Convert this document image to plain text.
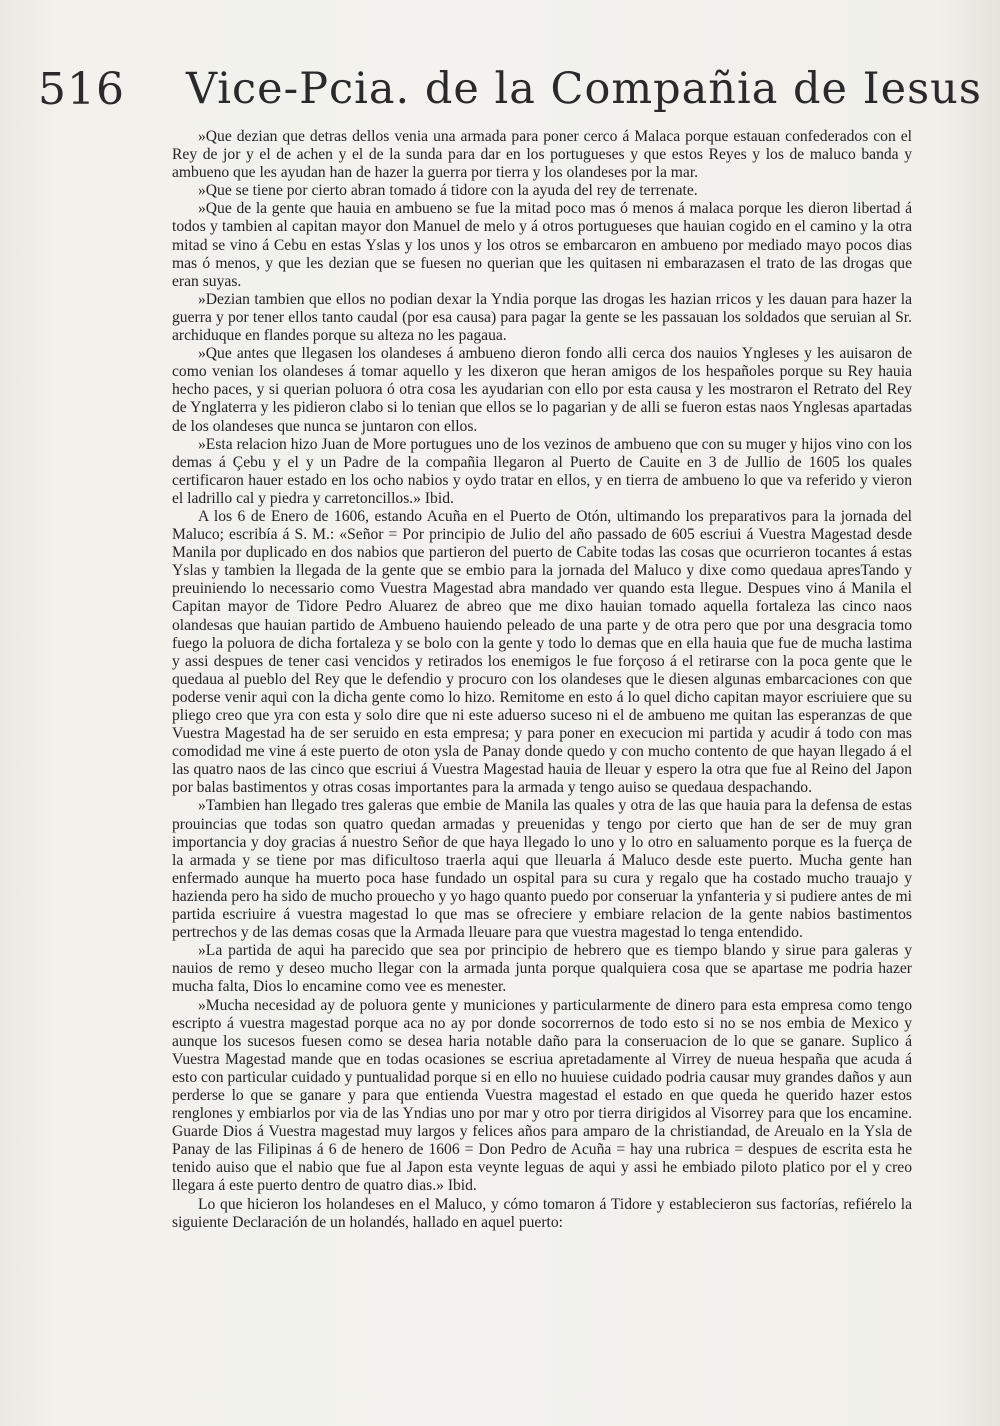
516 Vice-Pcia. de la Compañia de Iesus

»Que dezian que detras dellos venia una armada para poner cerco á Malaca porque estauan confederados con el Rey de jor y el de achen y el de la sunda para dar en los portugueses y que estos Reyes y los de maluco banda y ambueno que les ayudan han de hazer la guerra por tierra y los olandeses por la mar.

»Que se tiene por cierto abran tomado á tidore con la ayuda del rey de terrenate.

»Que de la gente que hauia en ambueno se fue la mitad poco mas ó menos á malaca porque les dieron libertad á todos y tambien al capitan mayor don Manuel de melo y á otros portugueses que hauian cogido en el camino y la otra mitad se vino á Cebu en estas Yslas y los unos y los otros se embarcaron en ambueno por mediado mayo pocos dias mas ó menos, y que les dezian que se fuesen no querian que les quitasen ni embarazasen el trato de las drogas que eran suyas.

»Dezian tambien que ellos no podian dexar la Yndia porque las drogas les hazian rricos y les dauan para hazer la guerra y por tener ellos tanto caudal (por esa causa) para pagar la gente se les passauan los soldados que seruian al Sr. archiduque en flandes porque su alteza no les pagaua.

»Que antes que llegasen los olandeses á ambueno dieron fondo alli cerca dos nauios Yngleses y les auisaron de como venian los olandeses á tomar aquello y les dixeron que heran amigos de los hespañoles porque su Rey hauia hecho paces, y si querian poluora ó otra cosa les ayudarian con ello por esta causa y les mostraron el Retrato del Rey de Ynglaterra y les pidieron clabo si lo tenian que ellos se lo pagarian y de alli se fueron estas naos Ynglesas apartadas de los olandeses que nunca se juntaron con ellos.

»Esta relacion hizo Juan de More portugues uno de los vezinos de ambueno que con su muger y hijos vino con los demas á Çebu y el y un Padre de la compañia llegaron al Puerto de Cauite en 3 de Jullio de 1605 los quales certificaron hauer estado en los ocho nabios y oydo tratar en ellos, y en tierra de ambueno lo que va referido y vieron el ladrillo cal y piedra y carretoncillos.» Ibid.

A los 6 de Enero de 1606, estando Acuña en el Puerto de Otón, ultimando los preparativos para la jornada del Maluco; escribía á S. M.: «Señor = Por principio de Julio del año passado de 605 escriui á Vuestra Magestad desde Manila por duplicado en dos nabios que partieron del puerto de Cabite todas las cosas que ocurrieron tocantes á estas Yslas y tambien la llegada de la gente que se embio para la jornada del Maluco y dixe como quedaua apresTando y preuiniendo lo necessario como Vuestra Magestad abra mandado ver quando esta llegue. Despues vino á Manila el Capitan mayor de Tidore Pedro Aluarez de abreo que me dixo hauian tomado aquella fortaleza las cinco naos olandesas que hauian partido de Ambueno hauiendo peleado de una parte y de otra pero que por una desgracia tomo fuego la poluora de dicha fortaleza y se bolo con la gente y todo lo demas que en ella hauia que fue de mucha lastima y assi despues de tener casi vencidos y retirados los enemigos le fue forçoso á el retirarse con la poca gente que le quedaua al pueblo del Rey que le defendio y procuro con los olandeses que le diesen algunas embarcaciones con que poderse venir aqui con la dicha gente como lo hizo. Remitome en esto á lo quel dicho capitan mayor escriuiere que su pliego creo que yra con esta y solo dire que ni este aduerso suceso ni el de ambueno me quitan las esperanzas de que Vuestra Magestad ha de ser seruido en esta empresa; y para poner en execucion mi partida y acudir á todo con mas comodidad me vine á este puerto de oton ysla de Panay donde quedo y con mucho contento de que hayan llegado á el las quatro naos de las cinco que escriui á Vuestra Magestad hauia de lleuar y espero la otra que fue al Reino del Japon por balas bastimentos y otras cosas importantes para la armada y tengo auiso se quedaua despachando.

»Tambien han llegado tres galeras que embie de Manila las quales y otra de las que hauia para la defensa de estas prouincias que todas son quatro quedan armadas y preuenidas y tengo por cierto que han de ser de muy gran importancia y doy gracias á nuestro Señor de que haya llegado lo uno y lo otro en saluamento porque es la fuerça de la armada y se tiene por mas dificultoso traerla aqui que lleuarla á Maluco desde este puerto. Mucha gente han enfermado aunque ha muerto poca hase fundado un ospital para su cura y regalo que ha costado mucho trauajo y hazienda pero ha sido de mucho prouecho y yo hago quanto puedo por conseruar la ynfanteria y si pudiere antes de mi partida escriuire á vuestra magestad lo que mas se ofreciere y embiare relacion de la gente nabios bastimentos pertrechos y de las demas cosas que la Armada lleuare para que vuestra magestad lo tenga entendido.

»La partida de aqui ha parecido que sea por principio de hebrero que es tiempo blando y sirue para galeras y nauios de remo y deseo mucho llegar con la armada junta porque qualquiera cosa que se apartase me podria hazer mucha falta, Dios lo encamine como vee es menester.

»Mucha necesidad ay de poluora gente y municiones y particularmente de dinero para esta empresa como tengo escripto á vuestra magestad porque aca no ay por donde socorrernos de todo esto si no se nos embia de Mexico y aunque los sucesos fuesen como se desea haria notable daño para la conseruacion de lo que se ganare. Suplico á Vuestra Magestad mande que en todas ocasiones se escriua apretadamente al Virrey de nueua hespaña que acuda á esto con particular cuidado y puntualidad porque si en ello no huuiese cuidado podria causar muy grandes daños y aun perderse lo que se ganare y para que entienda Vuestra magestad el estado en que queda he querido hazer estos renglones y embiarlos por via de las Yndias uno por mar y otro por tierra dirigidos al Visorrey para que los encamine. Guarde Dios á Vuestra magestad muy largos y felices años para amparo de la christiandad, de Areualo en la Ysla de Panay de las Filipinas á 6 de henero de 1606 = Don Pedro de Acuña = hay una rubrica = despues de escrita esta he tenido auiso que el nabio que fue al Japon esta veynte leguas de aqui y assi he embiado piloto platico por el y creo llegara á este puerto dentro de quatro dias.» Ibid.

Lo que hicieron los holandeses en el Maluco, y cómo tomaron á Tidore y establecieron sus factorías, refiérelo la siguiente Declaración de un holandés, hallado en aquel puerto:
